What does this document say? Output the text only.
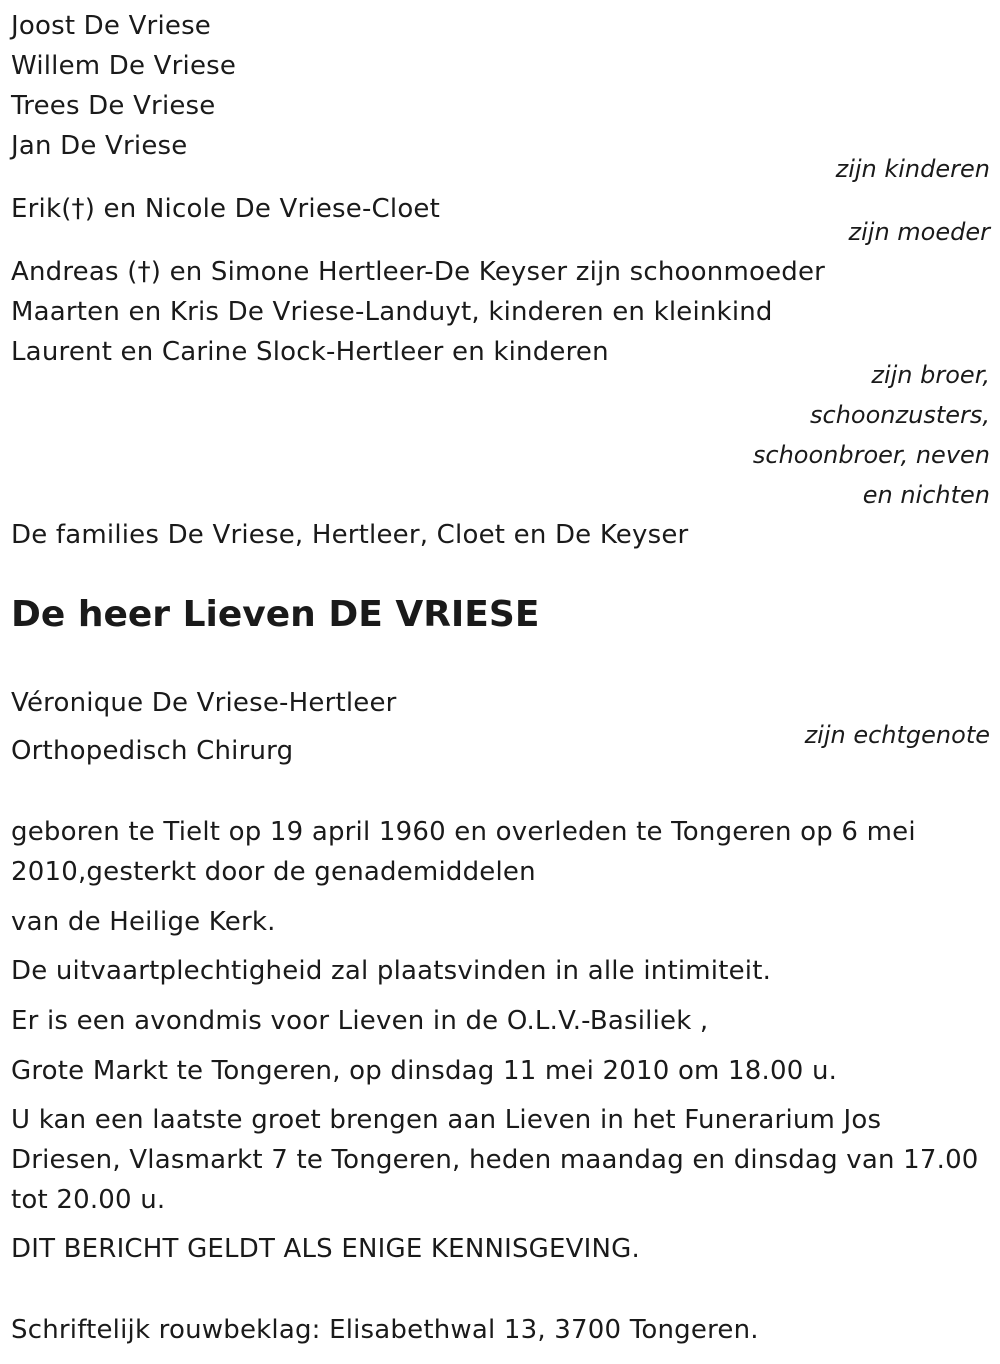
Joost De Vriese
Willem De Vriese
Trees De Vriese
Jan De Vriese
zijn kinderen
Erik(†) en Nicole De Vriese-Cloet
zijn moeder
Andreas (†) en Simone Hertleer-De Keyser zijn schoonmoeder
Maarten en Kris De Vriese-Landuyt, kinderen en kleinkind
Laurent en Carine Slock-Hertleer en kinderen
zijn broer,
schoonzusters,
schoonbroer, neven
en nichten
De families De Vriese, Hertleer, Cloet en De Keyser
De heer Lieven DE VRIESE
Véronique De Vriese-Hertleer
zijn echtgenote
Orthopedisch Chirurg
geboren te Tielt op 19 april 1960 en overleden te Tongeren op 6 mei 2010,gesterkt door de genademiddelen
van de Heilige Kerk.
De uitvaartplechtigheid zal plaatsvinden in alle intimiteit.
Er is een avondmis voor Lieven in de O.L.V.-Basiliek ,
Grote Markt te Tongeren, op dinsdag 11 mei 2010 om 18.00 u.
U kan een laatste groet brengen aan Lieven in het Funerarium Jos Driesen, Vlasmarkt 7 te Tongeren, heden maandag en dinsdag van 17.00 tot 20.00 u.
DIT BERICHT GELDT ALS ENIGE KENNISGEVING.
Schriftelijk rouwbeklag: Elisabethwal 13, 3700 Tongeren.
